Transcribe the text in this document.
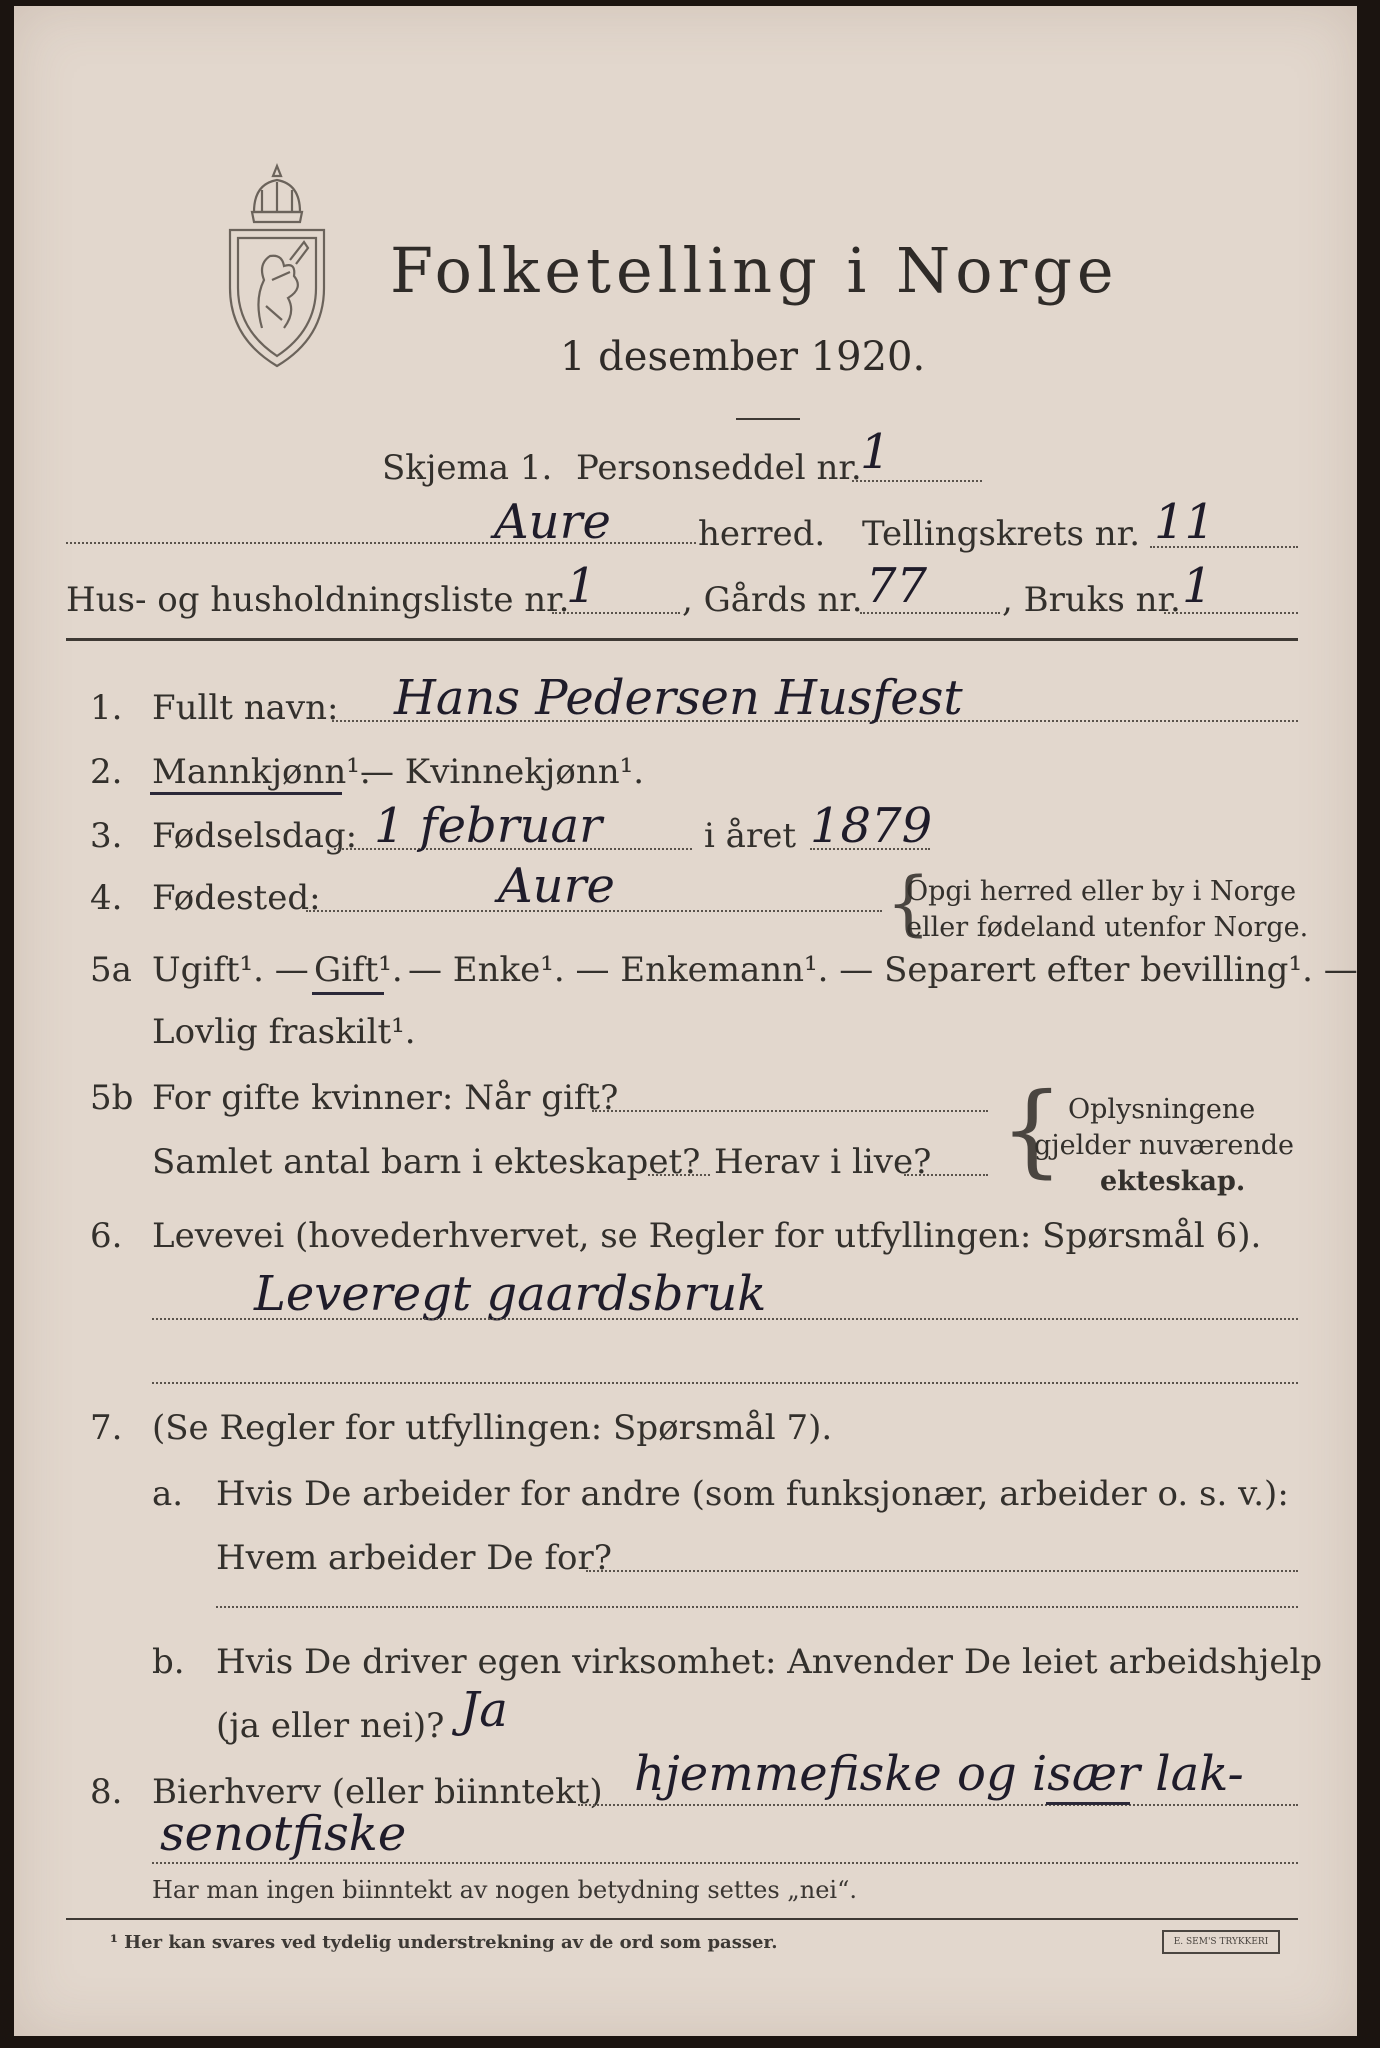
Folketelling i Norge
1 desember 1920.
Skjema 1. Personseddel nr.
1
Aure	herred. Tellingskrets nr. 11
Hus- og husholdningsliste nr.
1	, Gårds nr. 77 , Bruks nr. 1
1. Fullt navn: Hans Pedersen Husfest
2. Mannkjønn¹.
— Kvinnekjønn¹.
3. Fødselsdag: 1 februar	i året 1879
4. Fødested:	Aure	{
Opgi herred eller by i Norge
eller fødeland utenfor Norge.
5a Ugift¹. — Gift¹. — Enke¹. — Enkemann¹. — Separert efter bevilling¹. —
Lovlig fraskilt¹.
5b For gifte kvinner: Når gift?
Samlet antal barn i ekteskapet? Herav i live? { Oplysningene
gjelder nuværende
ekteskap.
6. Levevei (hovederhvervet, se Regler for utfyllingen: Spørsmål 6).
Leveregt gaardsbruk
7. (Se Regler for utfyllingen: Spørsmål 7).
a. Hvis De arbeider for andre (som funksjonær, arbeider o. s. v.):
Hvem arbeider De for?
b. Hvis De driver egen virksomhet: Anvender De leiet arbeidshjelp
(ja eller nei)? Ja
8. Bierhverv (eller biinntekt) hjemmefiske og især lak-
senotfiske
Har man ingen biinntekt av nogen betydning settes „nei“.
¹ Her kan svares ved tydelig understrekning av de ord som passer.	E. SEM'S TRYKKERI
